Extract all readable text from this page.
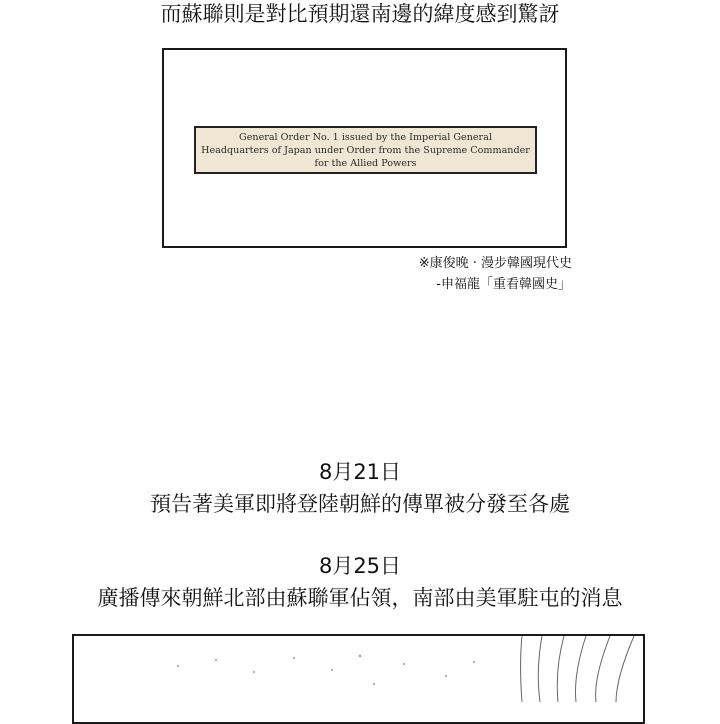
而蘇聯則是對比預期還南邊的緯度感到驚訝
General Order No. 1 issued by the Imperial General
Headquarters of Japan under Order from the Supreme Commander
for the Allied Powers
※康俊晚 · 漫步韓國現代史
-申福龍「重看韓國史」
8月21日
預告著美軍即將登陸朝鮮的傳單被分發至各處
8月25日
廣播傳來朝鮮北部由蘇聯軍佔領，南部由美軍駐屯的消息
